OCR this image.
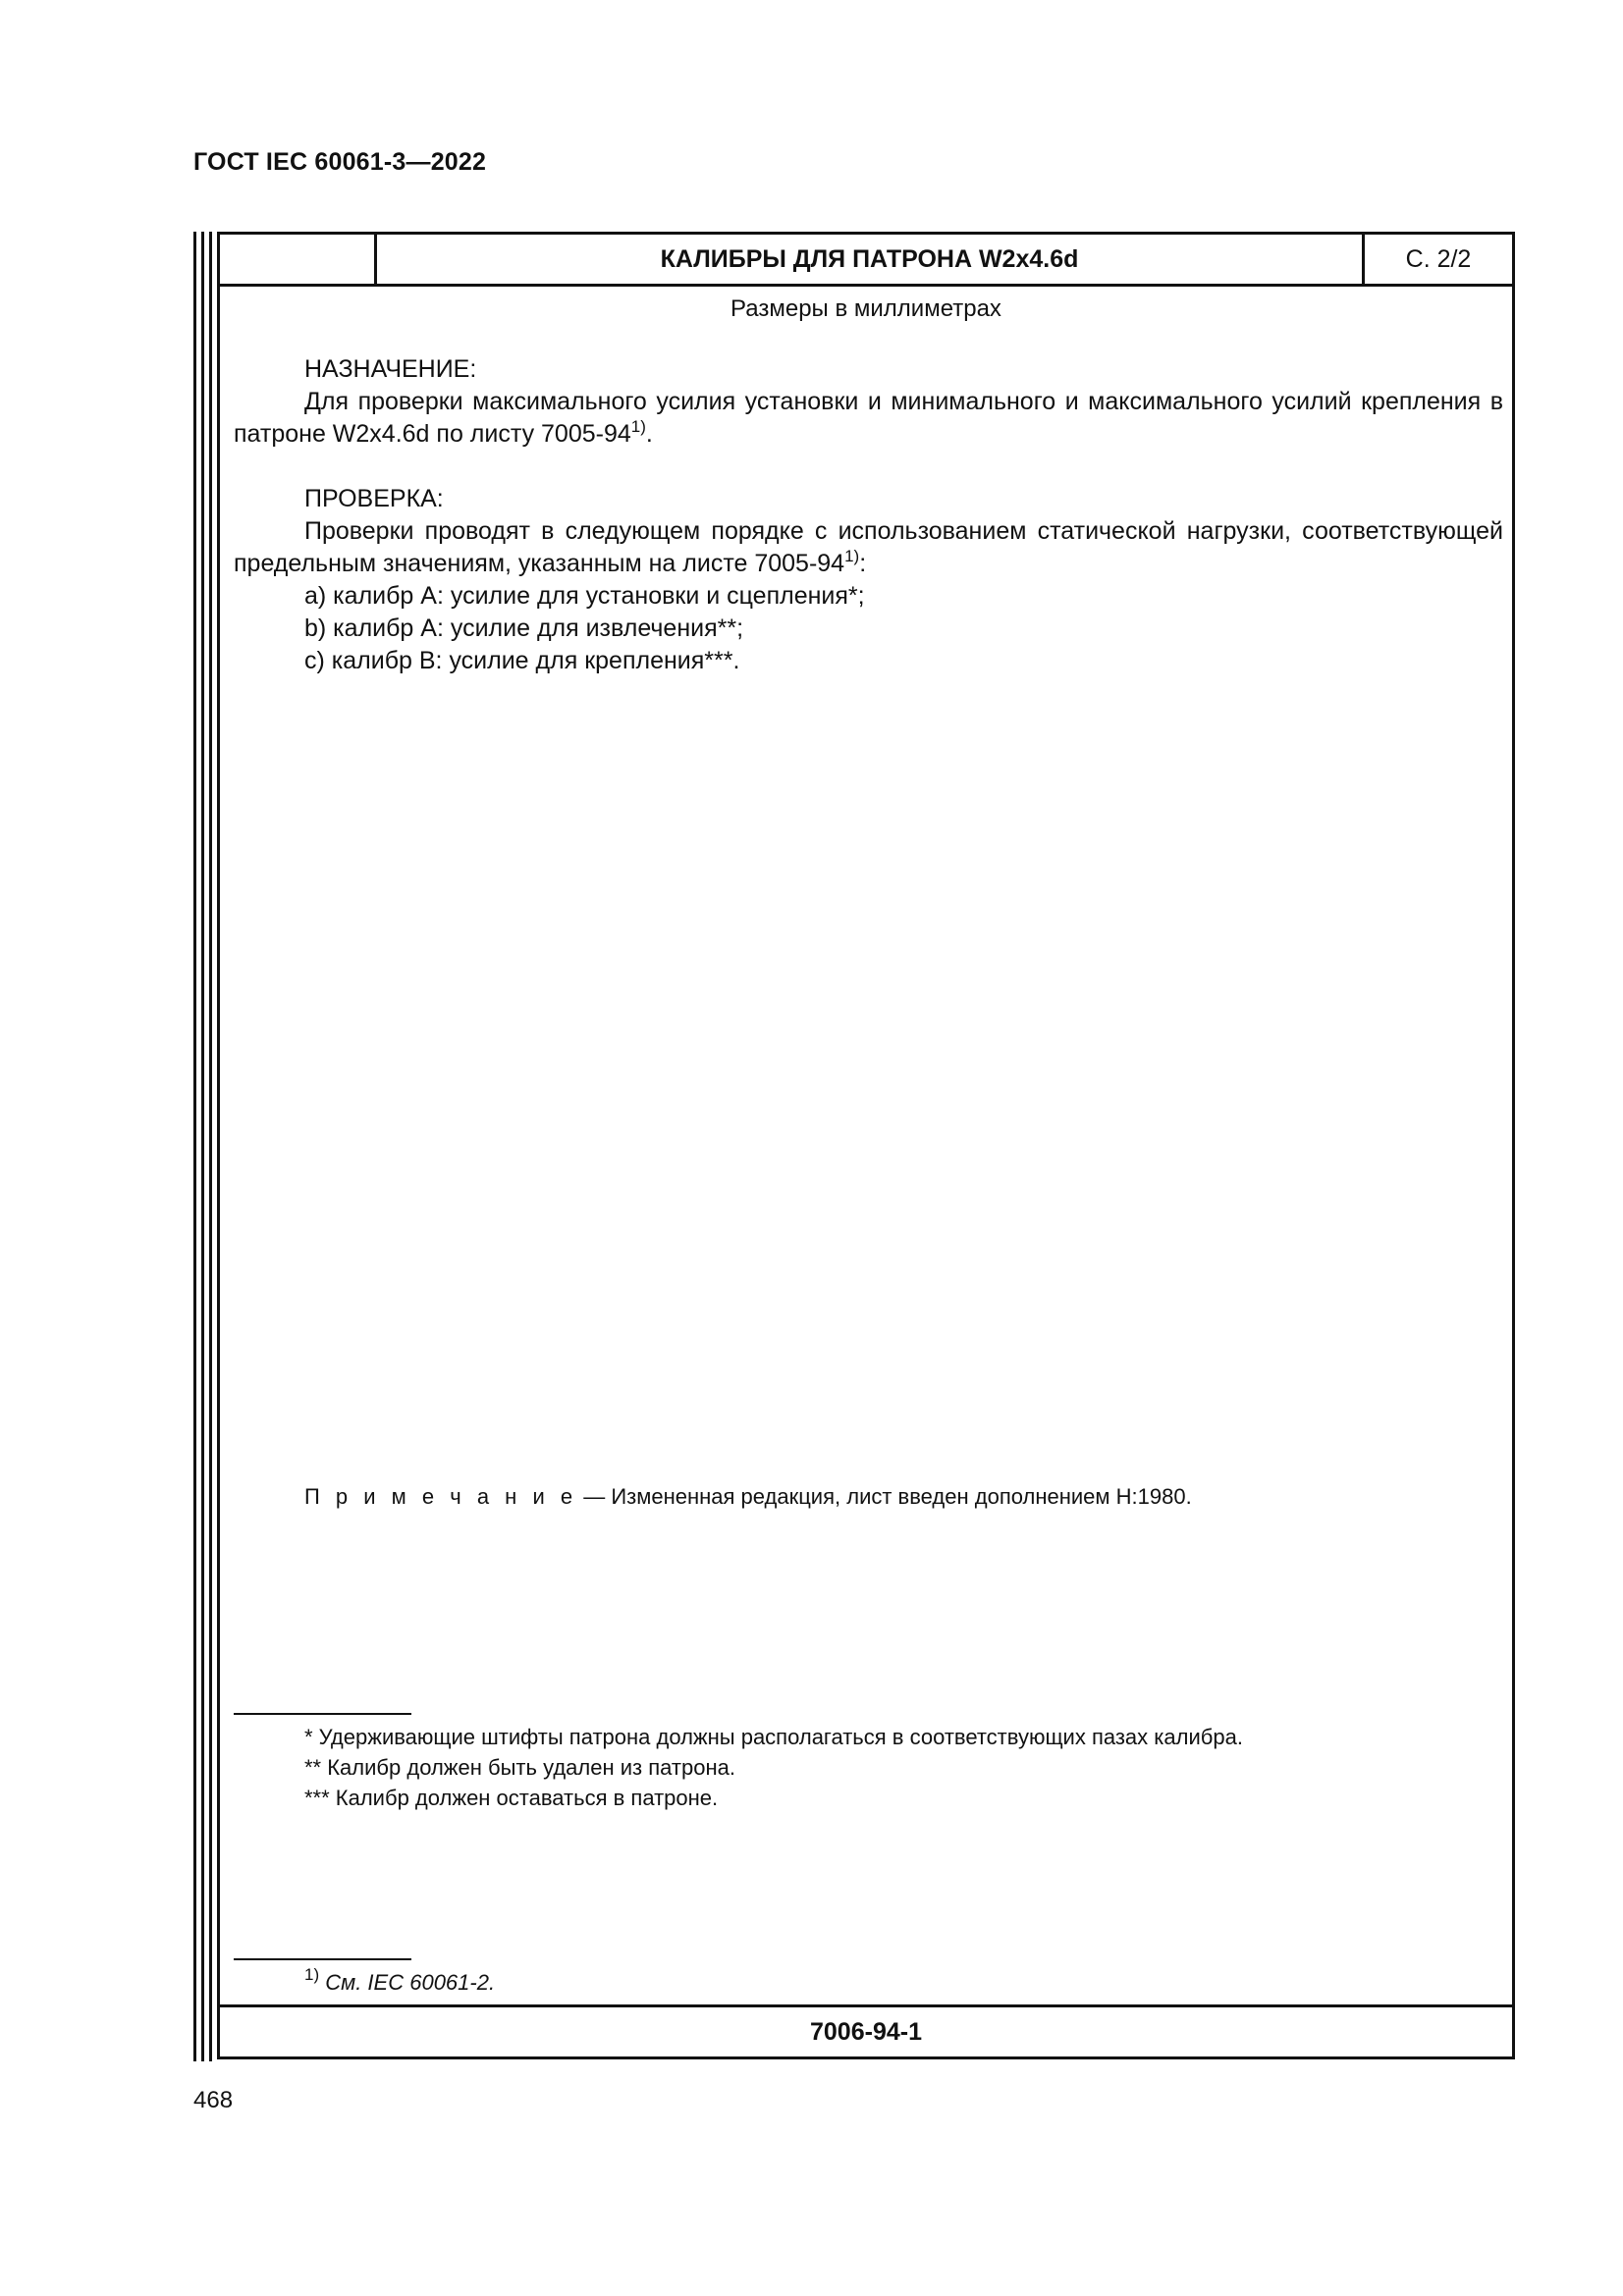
ГОСТ IEC 60061-3—2022
КАЛИБРЫ ДЛЯ ПАТРОНА W2x4.6d	С. 2/2
Размеры в миллиметрах
НАЗНАЧЕНИЕ:
Для проверки максимального усилия установки и минимального и максимального усилий крепления в патроне W2x4.6d по листу 7005-94$^{1)}$.
ПРОВЕРКА:
Проверки проводят в следующем порядке с использованием статической нагрузки, соответствующей предельным значениям, указанным на листе 7005-94$^{1)}$:
a) калибр A: усилие для установки и сцепления*;
b) калибр A: усилие для извлечения**;
c) калибр B: усилие для крепления***.
П р и м е ч а н и е — Измененная редакция, лист введен дополнением Н:1980.
* Удерживающие штифты патрона должны располагаться в соответствующих пазах калибра.
** Калибр должен быть удален из патрона.
*** Калибр должен оставаться в патроне.
$^{1)}$ См. IEC 60061-2.
7006-94-1
468
